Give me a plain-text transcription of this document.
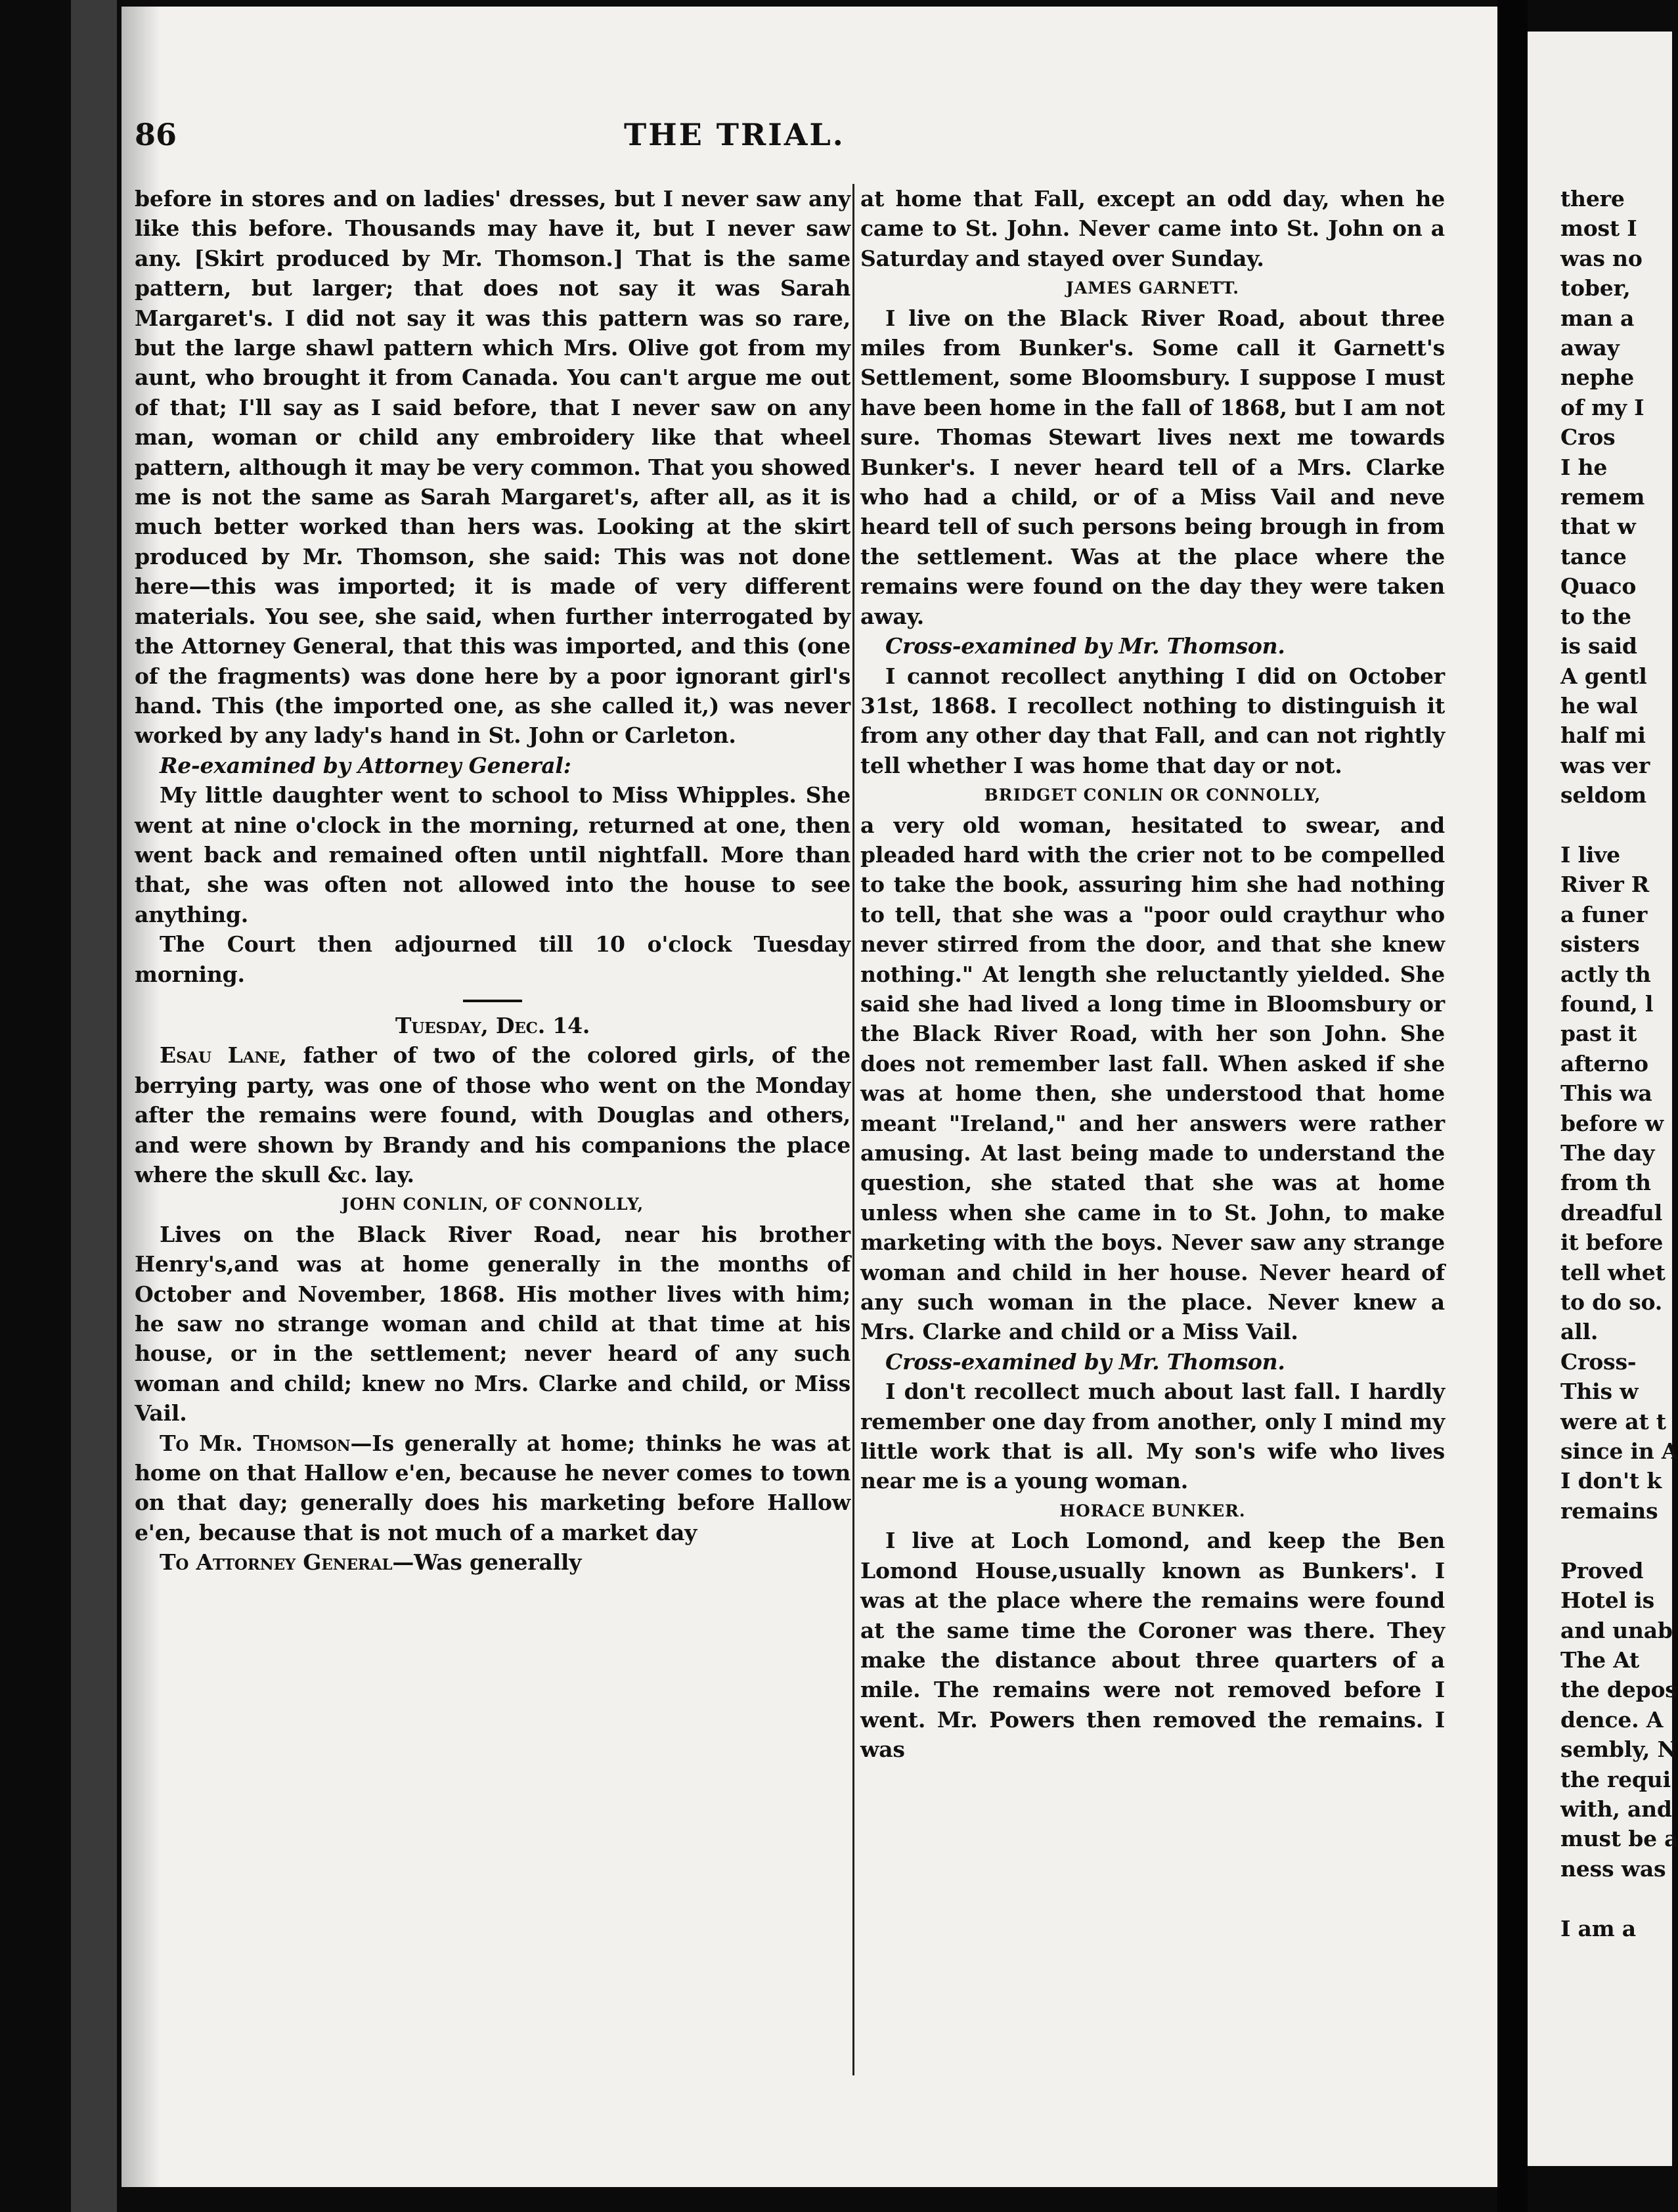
86	THE TRIAL.

before in stores and on ladies' dresses, but I never saw any like this before. Thousands may have it, but I never saw any. [Skirt produced by Mr. Thomson.] That is the same pattern, but larger; that does not say it was Sarah Margaret's. I did not say it was this pattern was so rare, but the large shawl pattern which Mrs. Olive got from my aunt, who brought it from Canada. You can't argue me out of that; I'll say as I said before, that I never saw on any man, woman or child any embroidery like that wheel pattern, although it may be very common. That you showed me is not the same as Sarah Margaret's, after all, as it is much better worked than hers was. Looking at the skirt produced by Mr. Thomson, she said: This was not done here—this was imported; it is made of very different materials. You see, she said, when further interrogated by the Attorney General, that this was imported, and this (one of the fragments) was done here by a poor ignorant girl's hand. This (the imported one, as she called it,) was never worked by any lady's hand in St. John or Carleton.

Re-examined by Attorney General:

My little daughter went to school to Miss Whipples. She went at nine o'clock in the morning, returned at one, then went back and remained often until nightfall. More than that, she was often not allowed into the house to see anything.

The Court then adjourned till 10 o'clock Tuesday morning.

Tuesday, Dec. 14.

Esau Lane, father of two of the colored girls, of the berrying party, was one of those who went on the Monday after the remains were found, with Douglas and others, and were shown by Brandy and his companions the place where the skull &c. lay.

JOHN CONLIN, OF CONNOLLY,

Lives on the Black River Road, near his brother Henry's,and was at home generally in the months of October and November, 1868. His mother lives with him; he saw no strange woman and child at that time at his house, or in the settlement; never heard of any such woman and child; knew no Mrs. Clarke and child, or Miss Vail.

To Mr. Thomson—Is generally at home; thinks he was at home on that Hallow e'en, because he never comes to town on that day; generally does his marketing before Hallow e'en, because that is not much of a market day

To Attorney General—Was generally

at home that Fall, except an odd day, when he came to St. John. Never came into St. John on a Saturday and stayed over Sunday.

JAMES GARNETT.

I live on the Black River Road, about three miles from Bunker's. Some call it Garnett's Settlement, some Bloomsbury. I suppose I must have been home in the fall of 1868, but I am not sure. Thomas Stewart lives next me towards Bunker's. I never heard tell of a Mrs. Clarke who had a child, or of a Miss Vail and neve heard tell of such persons being brough in from the settlement. Was at the place where the remains were found on the day they were taken away.

Cross-examined by Mr. Thomson.

I cannot recollect anything I did on October 31st, 1868. I recollect nothing to distinguish it from any other day that Fall, and can not rightly tell whether I was home that day or not.

BRIDGET CONLIN OR CONNOLLY,

a very old woman, hesitated to swear, and pleaded hard with the crier not to be compelled to take the book, assuring him she had nothing to tell, that she was a "poor ould craythur who never stirred from the door, and that she knew nothing." At length she reluctantly yielded. She said she had lived a long time in Bloomsbury or the Black River Road, with her son John. She does not remember last fall. When asked if she was at home then, she understood that home meant "Ireland," and her answers were rather amusing. At last being made to understand the question, she stated that she was at home unless when she came in to St. John, to make marketing with the boys. Never saw any strange woman and child in her house. Never heard of any such woman in the place. Never knew a Mrs. Clarke and child or a Miss Vail.

Cross-examined by Mr. Thomson.

I don't recollect much about last fall. I hardly remember one day from another, only I mind my little work that is all. My son's wife who lives near me is a young woman.

HORACE BUNKER.

I live at Loch Lomond, and keep the Ben Lomond House,usually known as Bunkers'. I was at the place where the remains were found at the same time the Coroner was there. They make the distance about three quarters of a mile. The remains were not removed before I went. Mr. Powers then removed the remains. I was

there

most I

was no

tober,

man a

away

nephe

of my I

Cros

I he

remem

that w

tance

Quaco

to the

is said

A gentl

he wal

half mi

was ver

seldom

I live

River R

a funer

sisters

actly th

found, l

past it

afterno

This wa

before w

The day

from th

dreadful

it before

tell whet

to do so.

all.

Cross-

This w

were at t

since in A

I don't k

remains

Proved

Hotel is

and unab

The At

the depos

dence. A

sembly, N

the requi

with, and

must be a

ness was

I am a
